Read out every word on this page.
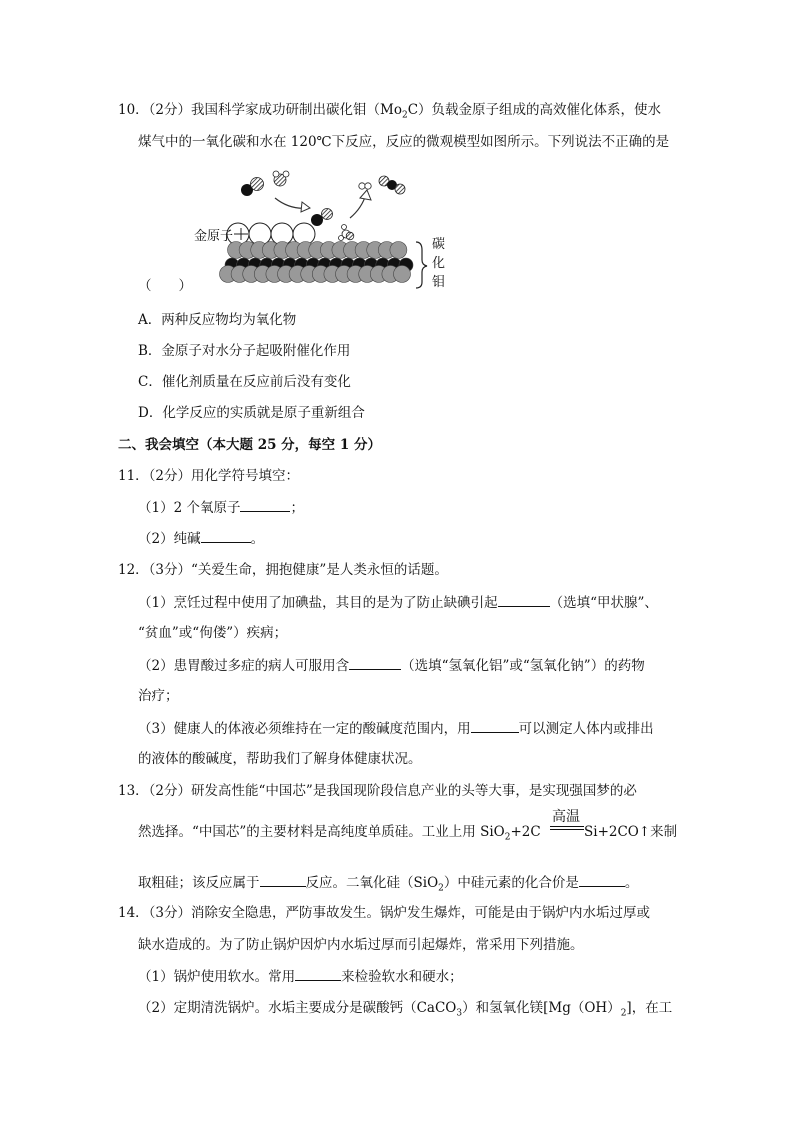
10．（2分）我国科学家成功研制出碳化钼$(Mo_2C)$负载金原子组成的高效催化体系，使水
煤气中的一氧化碳和水在 120℃下反应，反应的微观模型如图所示。下列说法不正确的是
金原子
碳
化
钼
（　　）
A．两种反应物均为氧化物
B．金原子对水分子起吸附催化作用
C．催化剂质量在反应前后没有变化
D．化学反应的实质就是原子重新组合
二、我会填空（本大题 25 分，每空 1 分）
11．（2分）用化学符号填空：
（1）2 个氧原子	；
（2）纯碱	。
12．（3分）“关爱生命，拥抱健康”是人类永恒的话题。
（1）烹饪过程中使用了加碘盐，其目的是为了防止缺碘引起	（选填“甲状腺”、
“贫血”或“佝偻”）疾病；
（2）患胃酸过多症的病人可服用含	（选填“氢氧化铝”或“氢氧化钠”）的药物
治疗；
（3）健康人的体液必须维持在一定的酸碱度范围内，用	可以测定人体内或排出
的液体的酸碱度，帮助我们了解身体健康状况。
13．（2分）研发高性能“中国芯”是我国现阶段信息产业的头等大事，是实现强国梦的必
高温
然选择。“中国芯”的主要材料是高纯度单质硅。工业上用 SiO$_2$+2C	Si+2CO↑来制
取粗硅；该反应属于	反应。二氧化硅（SiO$_2$）中硅元素的化合价是	。
14．（3分）消除安全隐患，严防事故发生。锅炉发生爆炸，可能是由于锅炉内水垢过厚或
缺水造成的。为了防止锅炉因炉内水垢过厚而引起爆炸，常采用下列措施。
（1）锅炉使用软水。常用	来检验软水和硬水；
（2）定期清洗锅炉。水垢主要成分是碳酸钙（CaCO$_3$）和氢氧化镁$[Mg(OH)_2]$，在工
